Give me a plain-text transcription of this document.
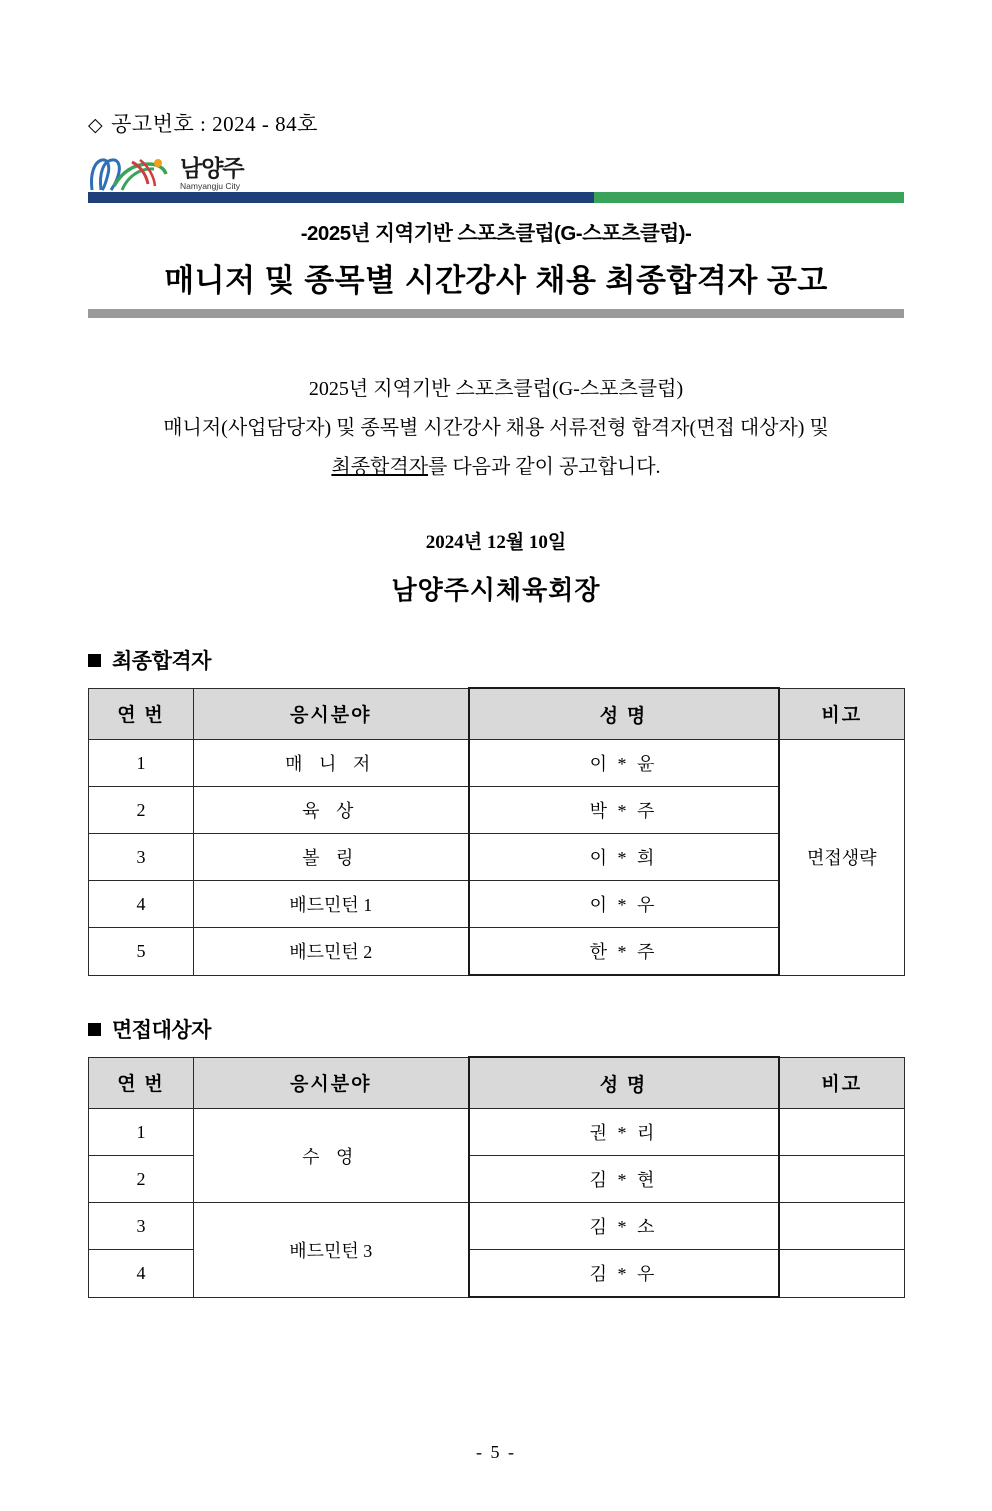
◇ 공고번호 : 2024 - 84호
남양주
Namyangju City
-2025년 지역기반 스포츠클럽(G-스포츠클럽)-
매니저 및 종목별 시간강사 채용 최종합격자 공고
2025년 지역기반 스포츠클럽(G-스포츠클럽)
매니저(사업담당자) 및 종목별 시간강사 채용 서류전형 합격자(면접 대상자) 및
최종합격자를 다음과 같이 공고합니다.
2024년 12월 10일
남양주시체육회장
최종합격자
연 번	응시분야	성 명	비고
1	매 니 저	이 * 윤	면접생략
2	육 상	박 * 주	
3	볼 링	이 * 희	
4	배드민턴 1	이 * 우	
5	배드민턴 2	한 * 주	
면접대상자
연 번	응시분야	성 명	비고
1	수 영	권 * 리	
2		김 * 현	
3	배드민턴 3	김 * 소	
4		김 * 우	
- 5 -
